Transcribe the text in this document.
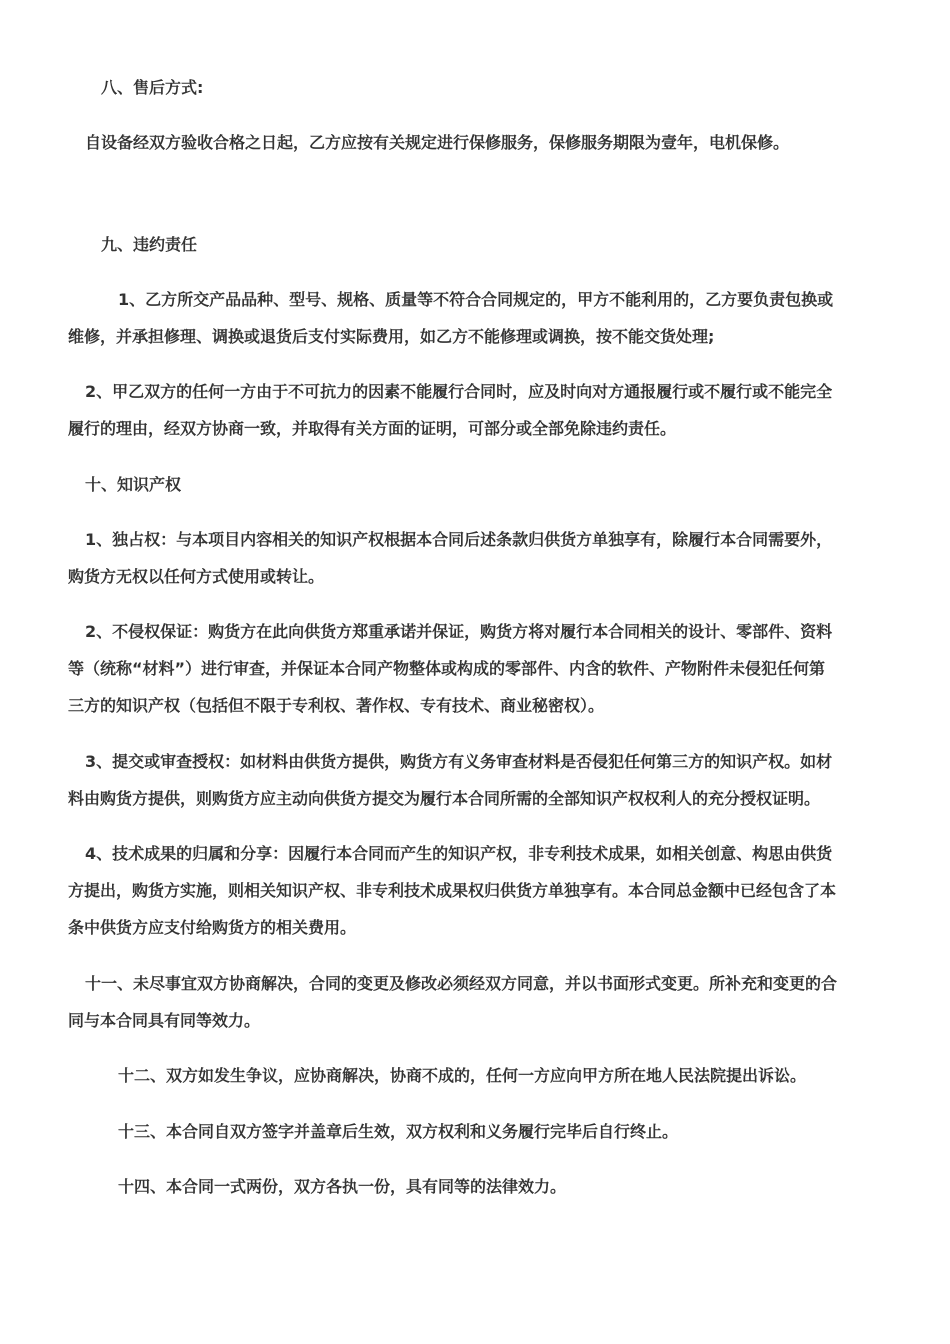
八、售后方式:
自设备经双方验收合格之日起，乙方应按有关规定进行保修服务，保修服务期限为壹年，电机保修。
九、违约责任

1、乙方所交产品品种、型号、规格、质量等不符合合同规定的，甲方不能利用的，乙方要负责包换或

维修，并承担修理、调换或退货后支付实际费用，如乙方不能修理或调换，按不能交货处理;

2、甲乙双方的任何一方由于不可抗力的因素不能履行合同时，应及时向对方通报履行或不履行或不能完全

履行的理由，经双方协商一致，并取得有关方面的证明，可部分或全部免除违约责任。

十、知识产权

1、独占权：与本项目内容相关的知识产权根据本合同后述条款归供货方单独享有，除履行本合同需要外，

购货方无权以任何方式使用或转让。

2、不侵权保证：购货方在此向供货方郑重承诺并保证，购货方将对履行本合同相关的设计、零部件、资料

等（统称“材料”）进行审查，并保证本合同产物整体或构成的零部件、内含的软件、产物附件未侵犯任何第

三方的知识产权（包括但不限于专利权、著作权、专有技术、商业秘密权）。

3、提交或审查授权：如材料由供货方提供，购货方有义务审查材料是否侵犯任何第三方的知识产权。如材

料由购货方提供，则购货方应主动向供货方提交为履行本合同所需的全部知识产权权利人的充分授权证明。

4、技术成果的归属和分享：因履行本合同而产生的知识产权，非专利技术成果，如相关创意、构思由供货

方提出，购货方实施，则相关知识产权、非专利技术成果权归供货方单独享有。本合同总金额中已经包含了本

条中供货方应支付给购货方的相关费用。

十一、未尽事宜双方协商解决，合同的变更及修改必须经双方同意，并以书面形式变更。所补充和变更的合

同与本合同具有同等效力。

十二、双方如发生争议，应协商解决，协商不成的，任何一方应向甲方所在地人民法院提出诉讼。
十三、本合同自双方签字并盖章后生效，双方权利和义务履行完毕后自行终止。
十四、本合同一式两份，双方各执一份，具有同等的法律效力。
